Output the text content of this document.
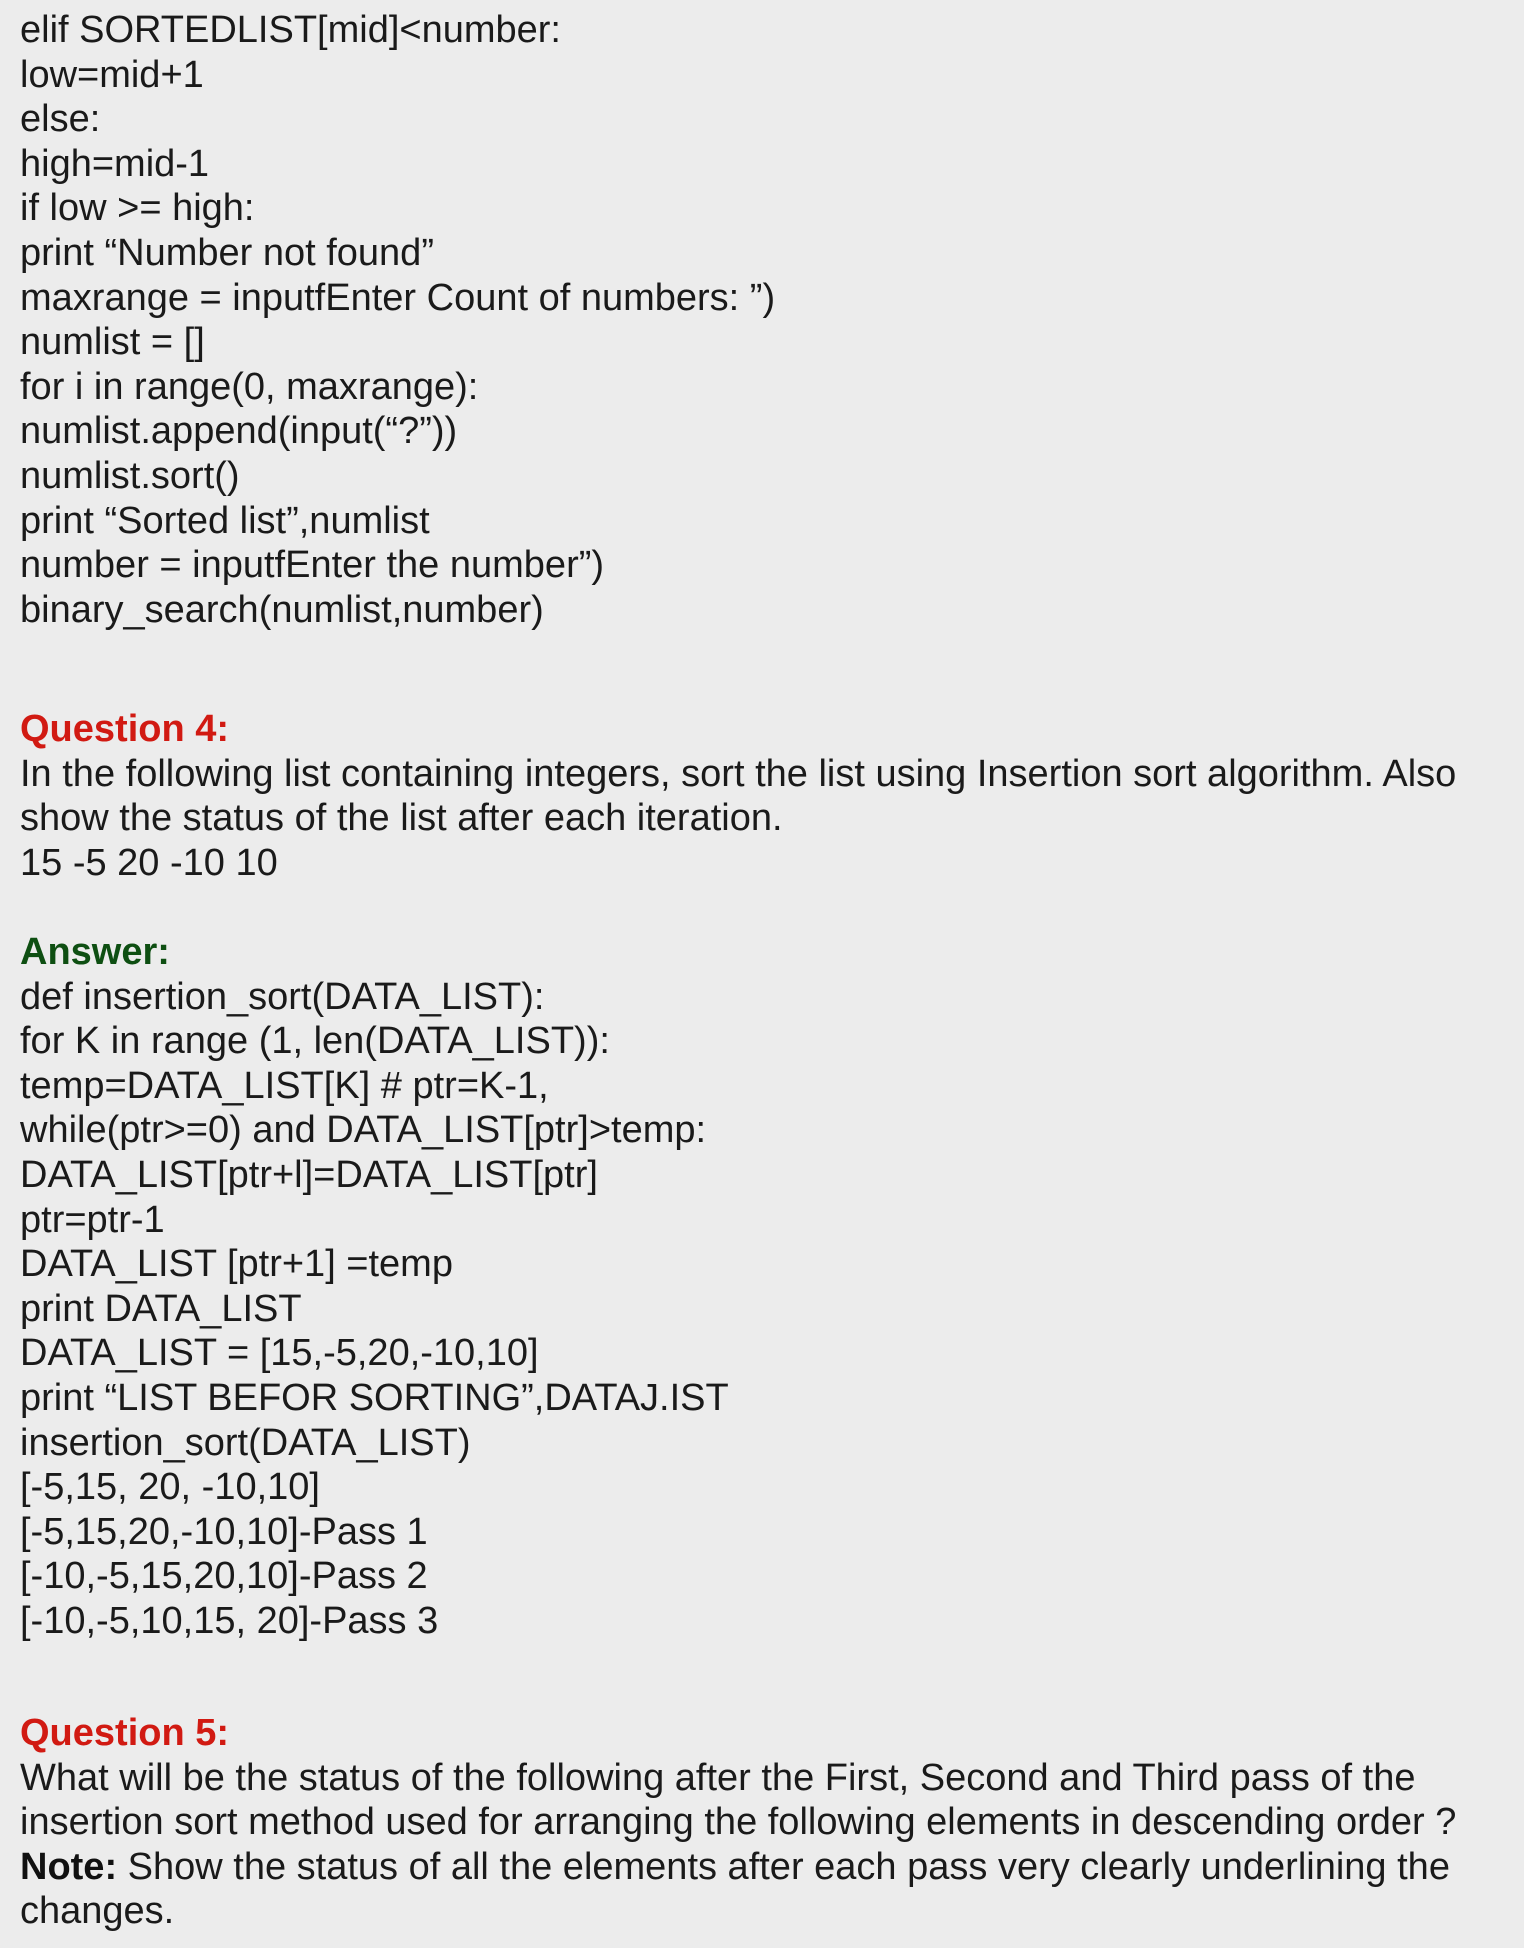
elif SORTEDLIST[mid]<number:
low=mid+1
else:
high=mid-1
if low >= high:
print “Number not found”
maxrange = inputfEnter Count of numbers: ”)
numlist = []
for i in range(0, maxrange):
numlist.append(input(“?”))
numlist.sort()
print “Sorted list”,numlist
number = inputfEnter the number”)
binary_search(numlist,number)
Question 4:
In the following list containing integers, sort the list using Insertion sort algorithm. Also
show the status of the list after each iteration.
15 -5 20 -10 10
Answer:
def insertion_sort(DATA_LIST):
for K in range (1, len(DATA_LIST)):
temp=DATA_LIST[K] # ptr=K-1,
while(ptr>=0) and DATA_LIST[ptr]>temp:
DATA_LIST[ptr+l]=DATA_LIST[ptr]
ptr=ptr-1
DATA_LIST [ptr+1] =temp
print DATA_LIST
DATA_LIST = [15,-5,20,-10,10]
print “LIST BEFOR SORTING”,DATAJ.IST
insertion_sort(DATA_LIST)
[-5,15, 20, -10,10]
[-5,15,20,-10,10]-Pass 1
[-10,-5,15,20,10]-Pass 2
[-10,-5,10,15, 20]-Pass 3
Question 5:
What will be the status of the following after the First, Second and Third pass of the
insertion sort method used for arranging the following elements in descending order ?
Note: Show the status of all the elements after each pass very clearly underlining the
changes.
